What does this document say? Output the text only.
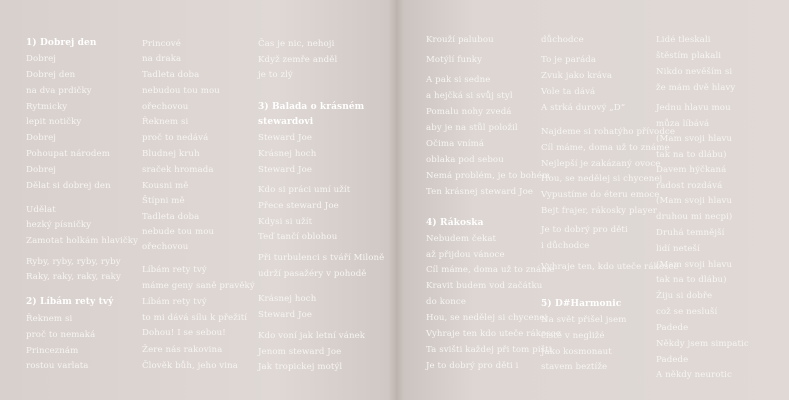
1) Dobrej den
Dobrej
Dobrej den
na dva prdičky
Rytmicky
lepit notičky
Dobrej
Pohoupat národem
Dobrej
Dělat si dobrej den
Udělat
hezký písničky
Zamotat holkám hlavičky
Ryby, ryby, ryby, ryby
Raky, raky, raky, raky
2) Líbám rety tvý
Řeknem si
proč to nemaká
Princeznám
rostou varlata
Princové
na draka
Tadleta doba
nebudou tou mou
ořechovou
Řeknem si
proč to nedává
Bludnej kruh
sraček hromada
Kousni mě
Štípni mě
Tadleta doba
nebude tou mou
ořechovou
Líbám rety tvý
máme geny saně pravěký
Líbám rety tvý
to mi dává sílu k přežití
Dohou! I se sebou!
Žere nás rakovina
Člověk bůh, jeho vina
Čas je nic, nehoji
Když zemře anděl
je to zlý
3) Balada o krásném
stewardovi
Steward Joe
Krásnej hoch
Steward Joe
Kdo si práci umí užít
Přece steward Joe
Kdysi si užít
Teď tančí oblohou
Při turbulenci s tváří Miloně
udrží pasažéry v pohodě
Krásnej hoch
Steward Joe
Kdo voní jak letní vánek
Jenom steward Joe
Jak tropickej motýl
Krouží palubou
Motýlí funky
A pak si sedne
a hejčká si svůj styl
Pomalu nohy zvedá
aby je na stůl položil
Očima vnímá
oblaka pod sebou
Nemá problém, je to bohém
Ten krásnej steward Joe
4) Rákoska
Nebudem čekat
až přijdou vánoce
Cíl máme, doma už to známe
Kravit budem vod začátku
do konce
Hou, se nedělej si chycenej
Vyhraje ten kdo uteče rákosce
Ta svišti každej při tom pišti
Je to dobrý pro děti i
důchodce
To je paráda
Zvuk jako kráva
Vole ta dává
A strká durový „D“
Najdeme si rohatýho přívodce
Cíl máme, doma už to známe
Nejlepší je zakázaný ovoce
Hou, se nedělej si chycenej
Vypustíme do éteru emoce
Bejt frajer, rákosky player
Je to dobrý pro děti
i důchodce
Vyhraje ten, kdo uteče rákosce
5) D#Harmonic
Na svět přišel jsem
čistě v negližé
Jako kosmonaut
stavem beztíže
Lidé tleskali
štěstím plakali
Nikdo nevěším si
že mám dvě hlavy
Jednu hlavu mou
můza líbává
(Mam svoji hlavu
tak na to dlábu)
Davem hýčkaná
radost rozdává
(Mam svoji hlavu
druhou mi necpi)
Druhá temnější
lidí neteší
(Mam svoji hlavu
tak na to dlábu)
Žiju si dobře
což se nesluší
Padede
Někdy jsem simpatic
Padede
A někdy neurotic
